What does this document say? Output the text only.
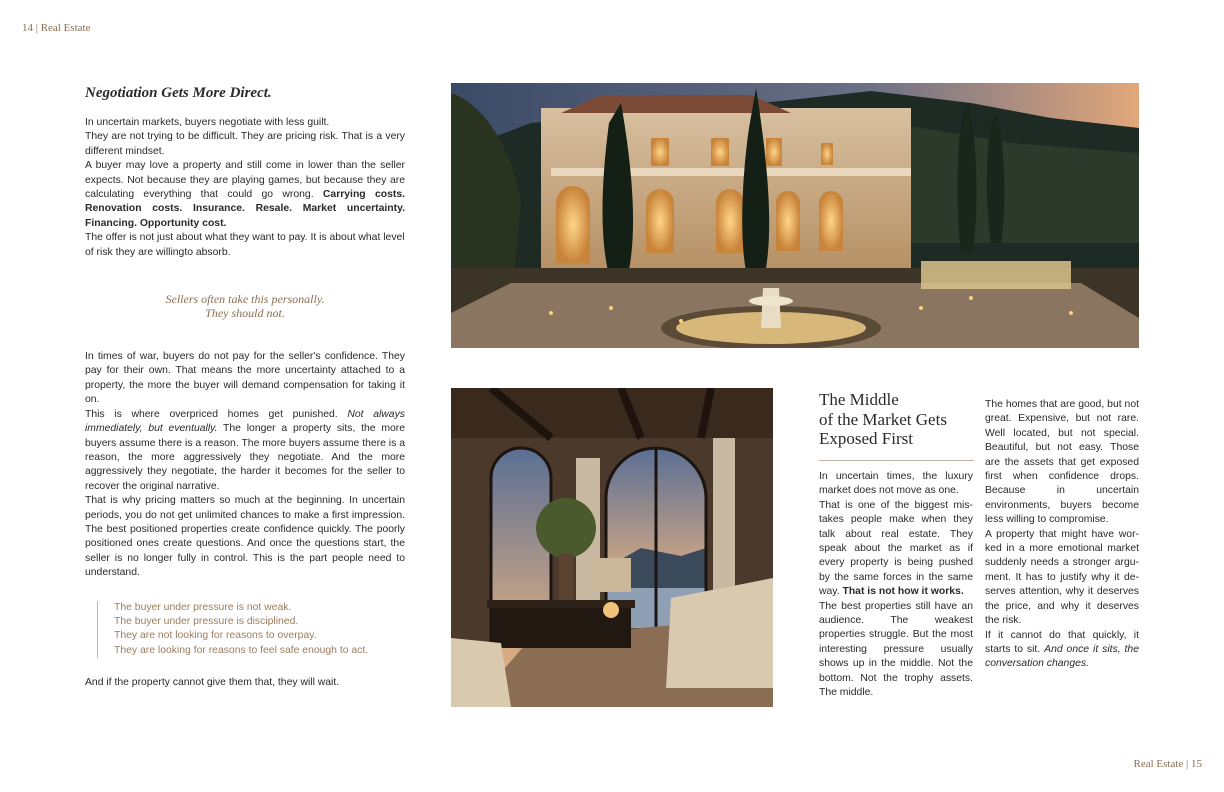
14 | Real Estate
Real Estate | 15
Negotiation Gets More Direct.

In uncertain markets, buyers negotiate with less guilt.

They are not trying to be difficult. They are pricing risk. That is a very different mindset.

A buyer may love a property and still come in lower than the seller expects. Not because they are playing games, but because they are calculating everything that could go wrong. Carrying costs. Renovation costs. Insurance. Resale. Market uncertainty. Financing. Opportunity cost.

The offer is not just about what they want to pay. It is about what level of risk they are willingto absorb.

Sellers often take this personally.
They should not.

In times of war, buyers do not pay for the seller's confidence. They pay for their own. That means the more uncertainty attached to a property, the more the buyer will demand compensation for taking it on.

This is where overpriced homes get punished. Not always immediately, but eventually. The longer a property sits, the more buyers assume there is a reason. The more buyers assume there is a reason, the more aggressively they negotiate. And the more aggressively they negotiate, the harder it becomes for the seller to recover the original narrative.

That is why pricing matters so much at the beginning. In uncertain periods, you do not get unlimited chances to make a first impression. The best positioned properties create confidence quickly. The poorly positioned ones create questions. And once the questions start, the seller is no longer fully in control. This is the part people need to understand.

The buyer under pressure is not weak.
The buyer under pressure is disciplined.
They are not looking for reasons to overpay.
They are looking for reasons to feel safe enough to act.

And if the property cannot give them that, they will wait.

The Middle
of the Market Gets
Exposed First

In uncertain times, the luxury market does not move as one.

That is one of the biggest mis-takes people make when they talk about real estate. They speak about the market as if every property is being pushed by the same forces in the same way. That is not how it works.

The best properties still have an audience. The weakest properties struggle. But the most interesting pressure usually shows up in the middle. Not the bottom. Not the trophy assets. The middle.

The homes that are good, but not great. Expensive, but not rare. Well located, but not special. Beautiful, but not easy. Those are the assets that get exposed first when confidence drops. Because in uncertain environments, buyers become less willing to compromise.

A property that might have wor-ked in a more emotional market suddenly needs a stronger argu-ment. It has to justify why it de-serves attention, why it deserves the price, and why it deserves the risk.

If it cannot do that quickly, it starts to sit. And once it sits, the conversation changes.
